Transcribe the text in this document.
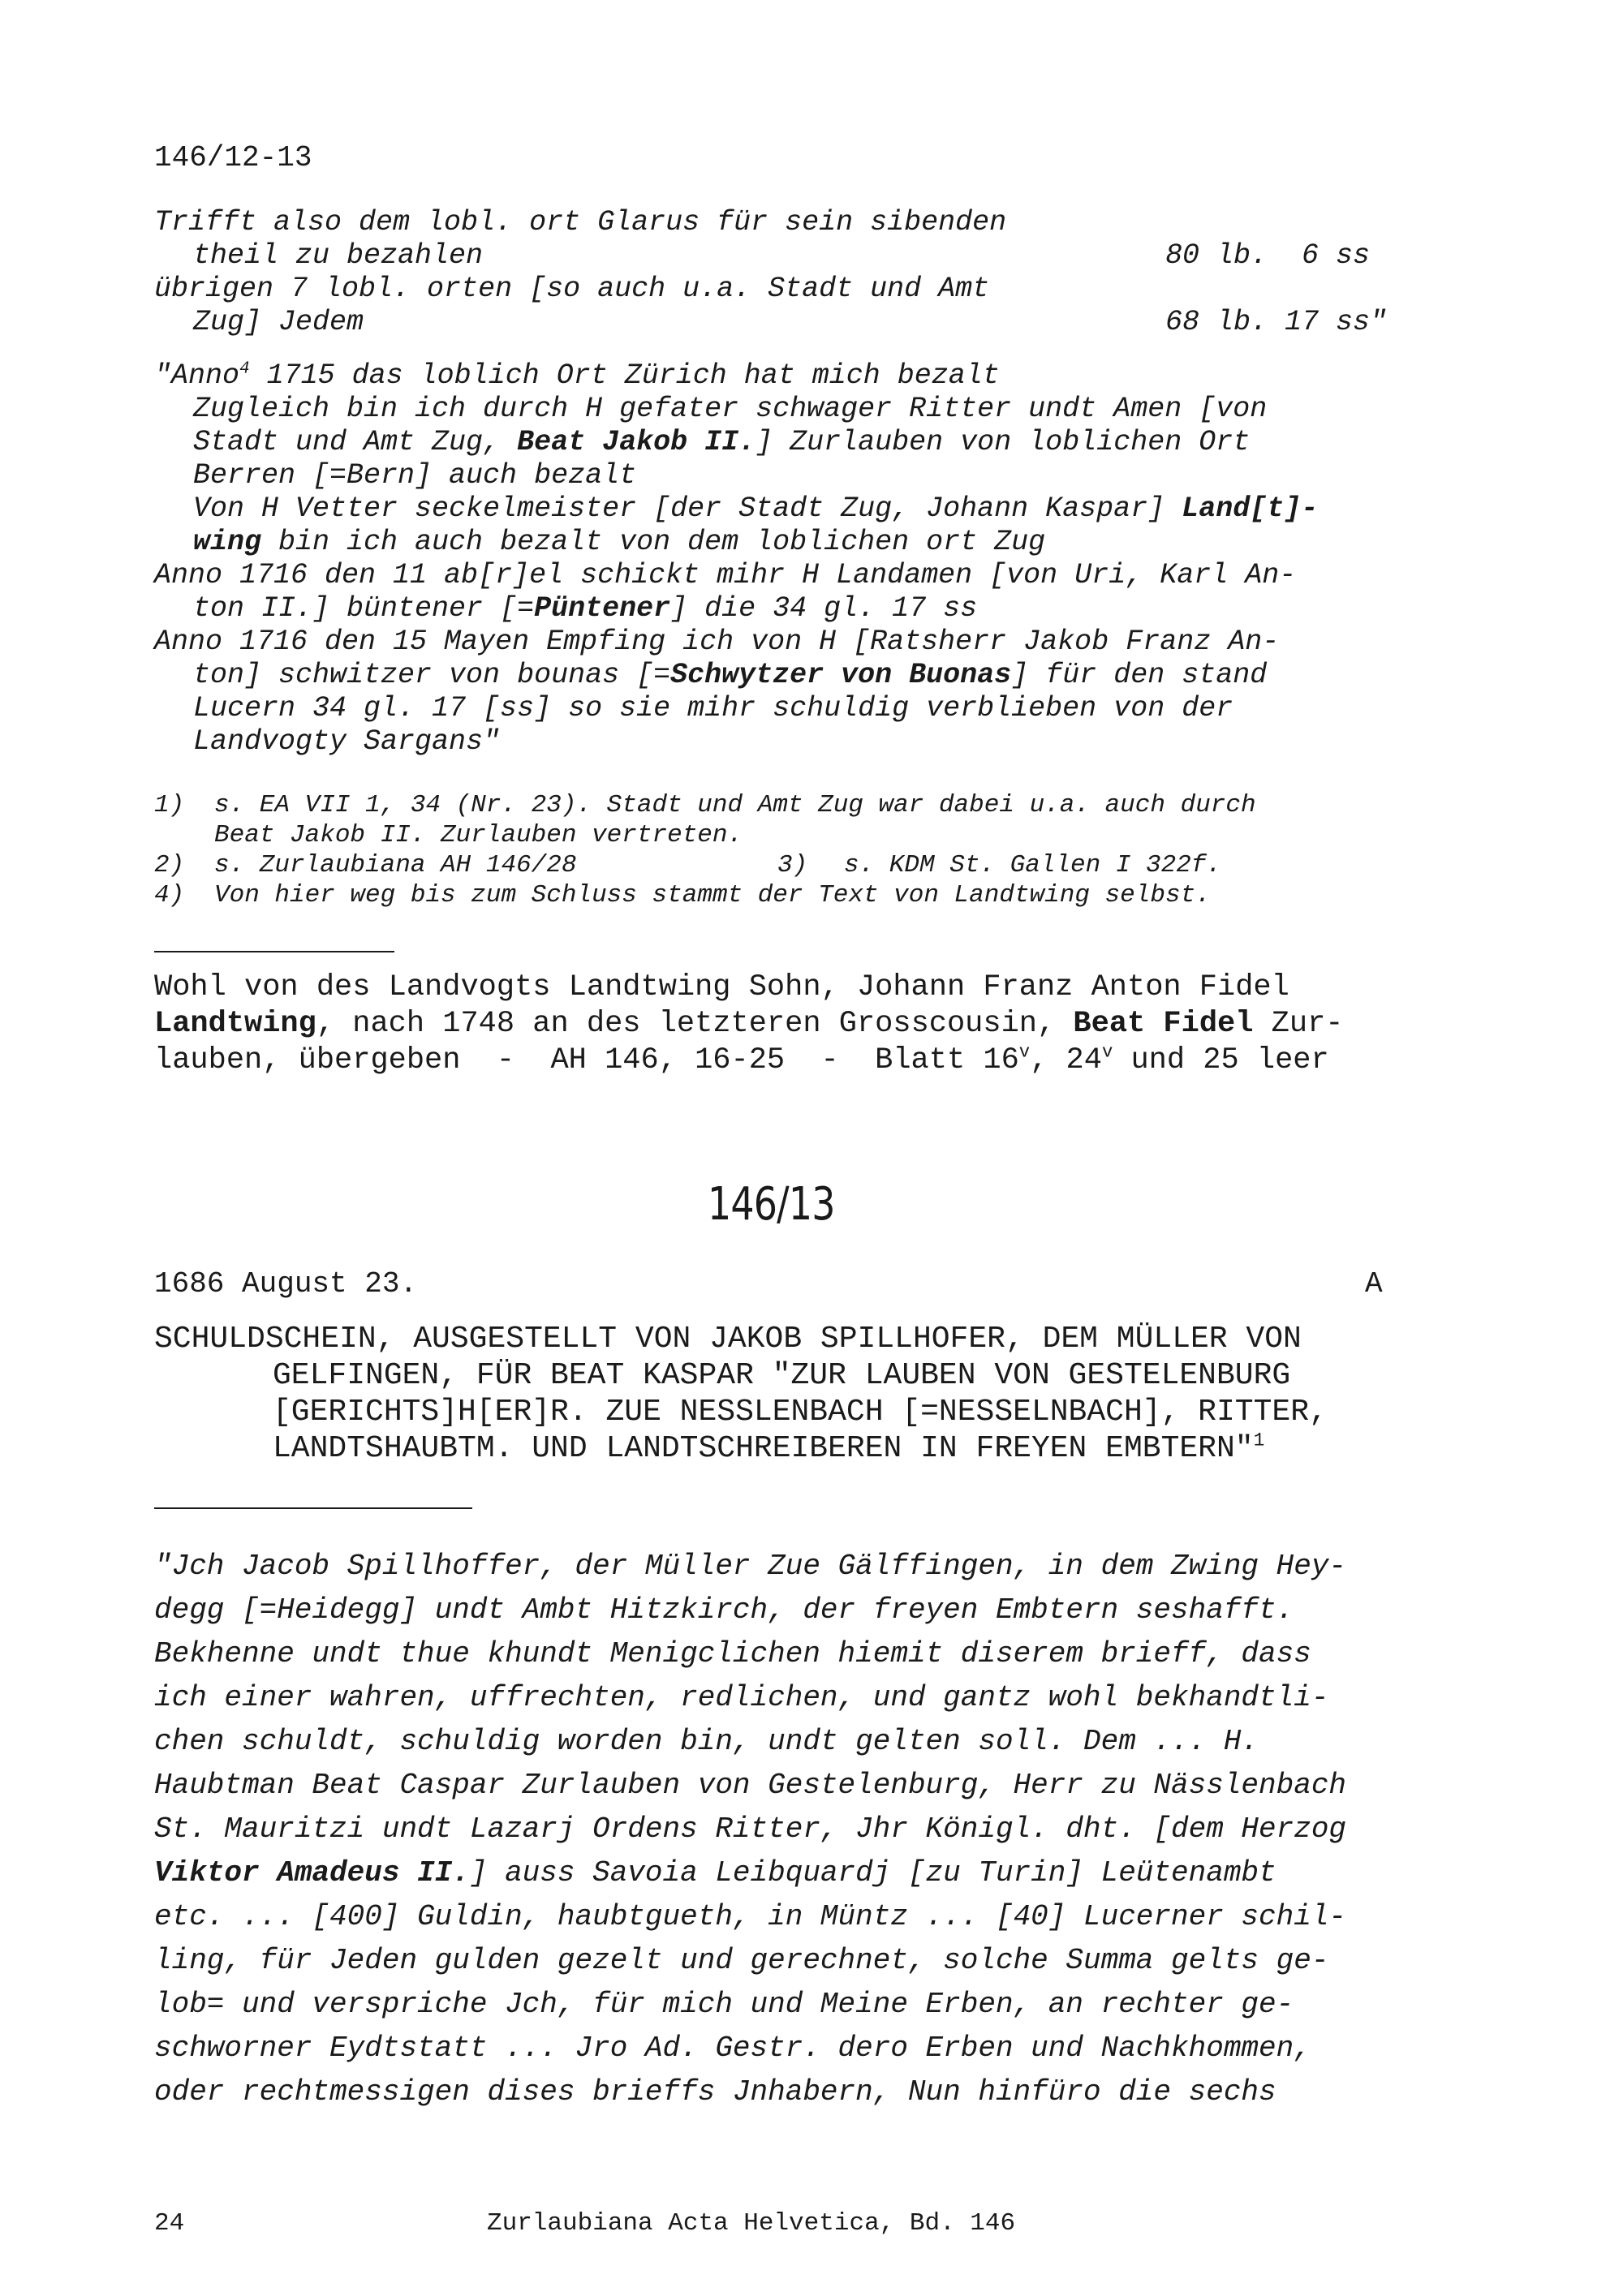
146/12-13
Trifft also dem lobl. ort Glarus für sein sibenden
theil zu bezahlen	80 lb.  6 ss
übrigen 7 lobl. orten [so auch u.a. Stadt und Amt
Zug] Jedem	68 lb. 17 ss"
"Anno$^4$ 1715 das loblich Ort Zürich hat mich bezalt
Zugleich bin ich durch H gefater schwager Ritter undt Amen [von
Stadt und Amt Zug, Beat Jakob II.] Zurlauben von loblichen Ort
Berren [=Bern] auch bezalt
Von H Vetter seckelmeister [der Stadt Zug, Johann Kaspar] Land[t]-
wing bin ich auch bezalt von dem loblichen ort Zug
Anno 1716 den 11 ab[r]el schickt mihr H Landamen [von Uri, Karl An-
ton II.] büntener [=Püntener] die 34 gl. 17 ss
Anno 1716 den 15 Mayen Empfing ich von H [Ratsherr Jakob Franz An-
ton] schwitzer von bounas [=Schwytzer von Buonas] für den stand
Lucern 34 gl. 17 [ss] so sie mihr schuldig verblieben von der
Landvogty Sargans"
1) s. EA VII 1, 34 (Nr. 23). Stadt und Amt Zug war dabei u.a. auch durch
Beat Jakob II. Zurlauben vertreten.
2) s. Zurlaubiana AH 146/28	3) s. KDM St. Gallen I 322f.
4) Von hier weg bis zum Schluss stammt der Text von Landtwing selbst.
Wohl von des Landvogts Landtwing Sohn, Johann Franz Anton Fidel
Landtwing, nach 1748 an des letzteren Grosscousin, Beat Fidel Zur-
lauben, übergeben  -  AH 146, 16-25  -  Blatt 16$^v$, 24$^v$ und 25 leer
146/13
1686 August 23.	A
SCHULDSCHEIN, AUSGESTELLT VON JAKOB SPILLHOFER, DEM MÜLLER VON
GELFINGEN, FÜR BEAT KASPAR "ZUR LAUBEN VON GESTELENBURG
[GERICHTS]H[ER]R. ZUE NESSLENBACH [=NESSELNBACH], RITTER,
LANDTSHAUBTM. UND LANDTSCHREIBEREN IN FREYEN EMBTERN"$^1$
"Jch Jacob Spillhoffer, der Müller Zue Gälffingen, in dem Zwing Hey-
degg [=Heidegg] undt Ambt Hitzkirch, der freyen Embtern seshafft.
Bekhenne undt thue khundt Menigclichen hiemit diserem brieff, dass
ich einer wahren, uffrechten, redlichen, und gantz wohl bekhandtli-
chen schuldt, schuldig worden bin, undt gelten soll. Dem ... H.
Haubtman Beat Caspar Zurlauben von Gestelenburg, Herr zu Nässlenbach
St. Mauritzi undt Lazarj Ordens Ritter, Jhr Königl. dht. [dem Herzog
Viktor Amadeus II.] auss Savoia Leibquardj [zu Turin] Leütenambt
etc. ... [400] Guldin, haubtgueth, in Müntz ... [40] Lucerner schil-
ling, für Jeden gulden gezelt und gerechnet, solche Summa gelts ge-
lob= und verspriche Jch, für mich und Meine Erben, an rechter ge-
schworner Eydtstatt ... Jro Ad. Gestr. dero Erben und Nachkhommen,
oder rechtmessigen dises brieffs Jnhabern, Nun hinfüro die sechs
24	Zurlaubiana Acta Helvetica, Bd. 146
